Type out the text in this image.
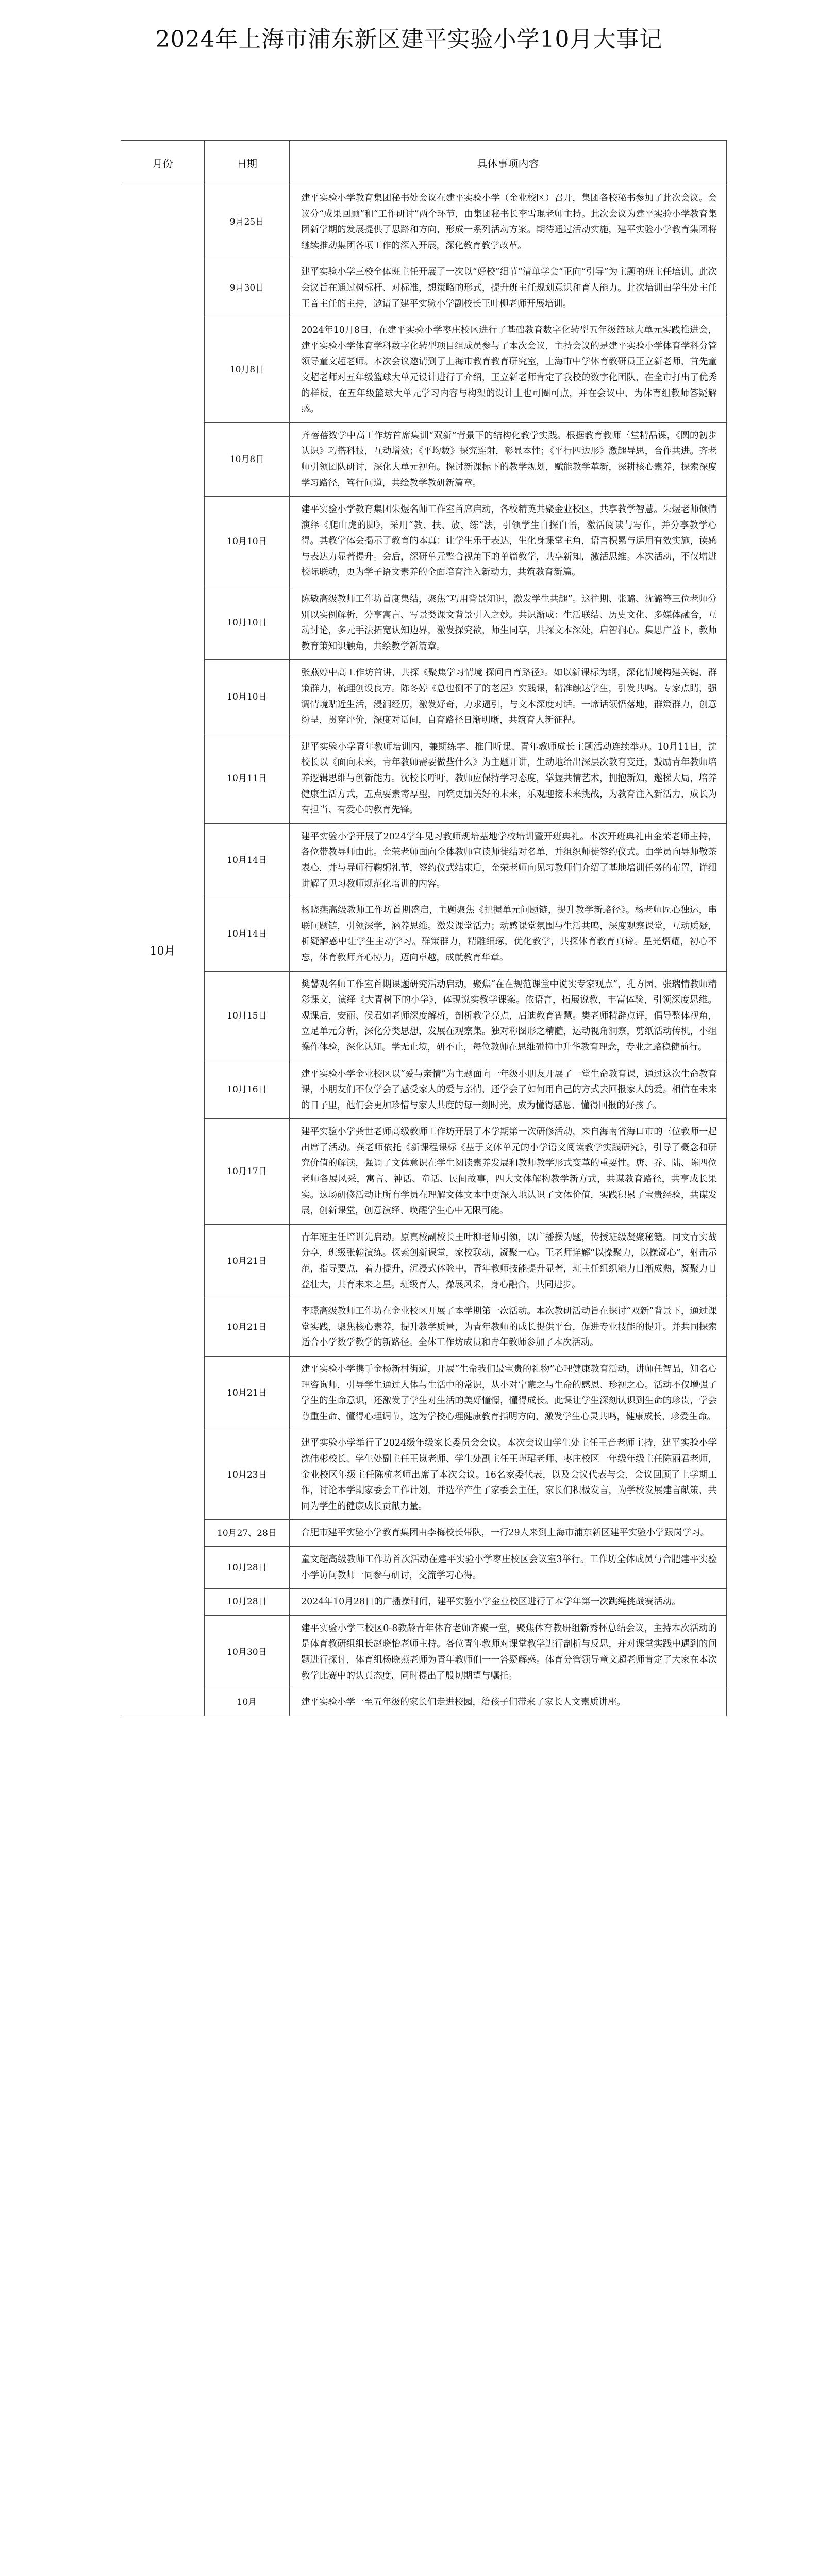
2024年上海市浦东新区建平实验小学10月大事记
月份	日期	具体事项内容
10月	9月25日	建平实验小学教育集团秘书处会议在建平实验小学（金业校区）召开，集团各校秘书参加了此次会议。会议分“成果回顾”和“工作研讨”两个环节，由集团秘书长李雪琨老师主持。此次会议为建平实验小学教育集团新学期的发展提供了思路和方向，形成一系列活动方案。期待通过活动实施，建平实验小学教育集团将继续推动集团各项工作的深入开展，深化教育教学改革。
	9月30日	建平实验小学三校全体班主任开展了一次以“好校”细节“清单学会“正向”引导”为主题的班主任培训。此次会议旨在通过树标杆、对标准，想策略的形式，提升班主任规划意识和育人能力。此次培训由学生处主任王音主任的主持，邀请了建平实验小学副校长王叶柳老师开展培训。
	10月8日	2024年10月8日，在建平实验小学枣庄校区进行了基础教育数字化转型五年级篮球大单元实践推进会，建平实验小学体育学科数字化转型项目组成员参与了本次会议，主持会议的是建平实验小学体育学科分管领导童文超老师。本次会议邀请到了上海市教育教育研究室，上海市中学体育教研员王立新老师，首先童文超老师对五年级篮球大单元设计进行了介绍，王立新老师肯定了我校的数字化团队，在全市打出了优秀的样板，在五年级篮球大单元学习内容与构架的设计上也可圈可点，并在会议中，为体育组教师答疑解惑。
	10月8日	齐蓓蓓数学中高工作坊首席集训“双新”背景下的结构化教学实践。根据教育教师三堂精品课，《圆的初步认识》巧搭科技，互动增效；《平均数》探究连射，彰显本性；《平行四边形》激趣导思，合作共进。齐老师引领团队研讨，深化大单元视角。探讨新课标下的教学规划，赋能教学革新，深耕核心素养，探索深度学习路径，笃行问道，共绘教学教研新篇章。
	10月10日	建平实验小学教育集团朱煜名师工作室首席启动，各校精英共聚金业校区，共享教学智慧。朱煜老师倾情演绎《爬山虎的脚》，采用“教、扶、放、练”法，引领学生自探自悟，激活阅读与写作，并分享教学心得。其教学体会揭示了教育的本真：让学生乐于表达，生化身课堂主角，语言积累与运用有效实施，读感与表达力显著提升。会后，深研单元整合视角下的单篇教学，共享新知，激活思维。本次活动，不仅增进校际联动，更为学子语文素养的全面培育注入新动力，共筑教育新篇。
	10月10日	陈敏高级教师工作坊首度集结，聚焦“巧用背景知识，激发学生共趣”。这往期、张璐、沈潞等三位老师分别以实例解析，分享寓言、写景类课文背景引入之妙。共识渐成：生活联结、历史文化、多媒体融合，互动讨论，多元手法拓宽认知边界，激发探究欲，师生同享，共探文本深处，启智润心。集思广益下，教师教育策知识触角，共绘教学新篇章。
	10月10日	张燕婷中高工作坊首讲，共探《聚焦学习情境 探问自育路径》。如以新课标为纲，深化情境构建关键，群策群力，梳理创设良方。陈冬婷《总也倒不了的老屋》实践课，精准触达学生，引发共鸣。专家点睛，强调情境贴近生活，浸润经历，激发好奇，力求逼引，与文本深度对话。一席话领悟落地，群策群力，创意纷呈，贯穿评价，深度对话间，自育路径日渐明晰，共筑育人新征程。
	10月11日	建平实验小学青年教师培训内，兼期练字、推门听课、青年教师成长主题活动连续举办。10月11日，沈校长以《面向未来，青年教师需要做些什么》为主题开讲，生动地给出深层次教育变迁，鼓励青年教师培养逻辑思维与创新能力。沈校长呼吁，教师应保持学习态度，掌握共情艺术，拥抱新知，邀梯大局，培养健康生活方式，五点要素寄厚望，同筑更加美好的未来，乐观迎接未来挑战，为教育注入新活力，成长为有担当、有爱心的教育先锋。
	10月14日	建平实验小学开展了2024学年见习教师规培基地学校培训暨开班典礼。本次开班典礼由金荣老师主持，各位带教导师由此。金荣老师面向全体教师宣读师徒结对名单，并组织师徒签约仪式。由学员向导师敬茶表心，并与导师行鞠躬礼节，签约仪式结束后，金荣老师向见习教师们介绍了基地培训任务的布置，详细讲解了见习教师规范化培训的内容。
	10月14日	杨晓燕高级教师工作坊首期盛启，主题聚焦《把握单元问题链，提升教学新路径》。杨老师匠心独运，串联问题链，引领深学，涵养思维。激发课堂活力；动感课堂氛围与生活共鸣，深度观察课堂，互动质疑，析疑解惑中让学生主动学习。群策群力，精雕细琢，优化教学，共探体育教育真谛。星光熠耀，初心不忘，体育教师齐心协力，迈向卓越，成就教育华章。
	10月15日	樊馨观名师工作室首期课题研究活动启动，聚焦“在在规范课堂中说实专家观点”，孔方园、张瑞情教师精彩课文，演绎《大青树下的小学》，体现说实教学课案。依语言，拓展说教，丰富体验，引领深度思维。观课后，安丽、侯君如老师深度解析，剖析教学亮点，启迪教育智慧。樊老师精辟点评，倡导整体视角，立足单元分析，深化分类思想，发展在观察集。独对称图形之精髓，运动视角洞察，剪纸活动传机，小组操作体验，深化认知。学无止境，研不止，每位教师在思维碰撞中升华教育理念，专业之路稳健前行。
	10月16日	建平实验小学金业校区以“爱与亲情”为主题面向一年级小朋友开展了一堂生命教育课，通过这次生命教育课，小朋友们不仅学会了感受家人的爱与亲情，还学会了如何用自己的方式去回报家人的爱。相信在未来的日子里，他们会更加珍惜与家人共度的每一刻时光，成为懂得感恩、懂得回报的好孩子。
	10月17日	建平实验小学龚世老师高级教师工作坊开展了本学期第一次研修活动，来自海南省海口市的三位教师一起出席了活动。龚老师依托《新课程课标《基于文体单元的小学语文阅读教学实践研究》，引导了概念和研究价值的解读，强调了文体意识在学生阅读素养发展和教师教学形式变革的重要性。唐、乔、陆、陈四位老师各展风采，寓言、神话、童话、民间故事，四大文体解构教学新方式，共谋教育路径，共享成长果实。这场研修活动让所有学员在理解文体文本中更深入地认识了文体价值，实践积累了宝贵经验，共谋发展，创新课堂，创意演绎、唤醒学生心中无限可能。
	10月21日	青年班主任培训先启动。原真校副校长王叶柳老师引领，以广播操为题，传授班级凝聚秘籍。同文青实战分享，班级张翰演练。探索创新课堂，家校联动，凝聚一心。王老师详解“以操聚力，以操凝心”，射击示范，指导要点，着力提升，沉浸式体验中，青年教师技能提升显著，班主任组织能力日渐成熟，凝聚力日益壮大，共育未来之星。班级育人，操展风采，身心融合，共同进步。
	10月21日	李璟高级教师工作坊在金业校区开展了本学期第一次活动。本次教研活动旨在探讨“双新”背景下，通过课堂实践，聚焦核心素养，提升教学质量，为青年教师的成长提供平台，促进专业技能的提升。并共同探索适合小学数学教学的新路径。全体工作坊成员和青年教师参加了本次活动。
	10月21日	建平实验小学携手金杨新村街道，开展“生命我们最宝贵的礼物”心理健康教育活动，讲师任智晶，知名心理咨询师，引导学生通过人体与生活中的常识，从小对宁蒙之与生命的感恩、珍视之心。活动不仅增强了学生的生命意识，还激发了学生对生活的美好憧憬，懂得成长。此课让学生深刻认识到生命的珍贵，学会尊重生命、懂得心理调节，这为学校心理健康教育指明方向，激发学生心灵共鸣，健康成长，珍爱生命。
	10月23日	建平实验小学举行了2024级年级家长委员会会议。本次会议由学生处主任王音老师主持，建平实验小学沈伟彬校长、学生处副主任王岚老师、学生处副主任王瑾珺老师、枣庄校区一年级年级主任陈丽君老师，金业校区年级主任陈杭老师出席了本次会议。16名家委代表，以及会议代表与会，会议回顾了上学期工作，讨论本学期家委会工作计划，并选举产生了家委会主任，家长们积极发言，为学校发展建言献策，共同为学生的健康成长贡献力量。
	10月27、28日	合肥市建平实验小学教育集团由李梅校长带队，一行29人来到上海市浦东新区建平实验小学跟岗学习。
	10月28日	童文超高级教师工作坊首次活动在建平实验小学枣庄校区会议室3举行。工作坊全体成员与合肥建平实验小学访问教师一同参与研讨，交流学习心得。
	10月28日	2024年10月28日的广播操时间，建平实验小学金业校区进行了本学年第一次跳绳挑战赛活动。
	10月30日	建平实验小学三校区0-8教龄青年体育老师齐聚一堂，聚焦体育教研组新秀杯总结会议，主持本次活动的是体育教研组组长赵晓怡老师主持。各位青年教师对课堂教学进行剖析与反思，并对课堂实践中遇到的问题进行探讨，体育组杨晓燕老师为青年教师们一一答疑解惑。体育分管领导童文超老师肯定了大家在本次教学比赛中的认真态度，同时提出了殷切期望与嘱托。
	10月	建平实验小学一至五年级的家长们走进校园，给孩子们带来了家长人文素质讲座。
